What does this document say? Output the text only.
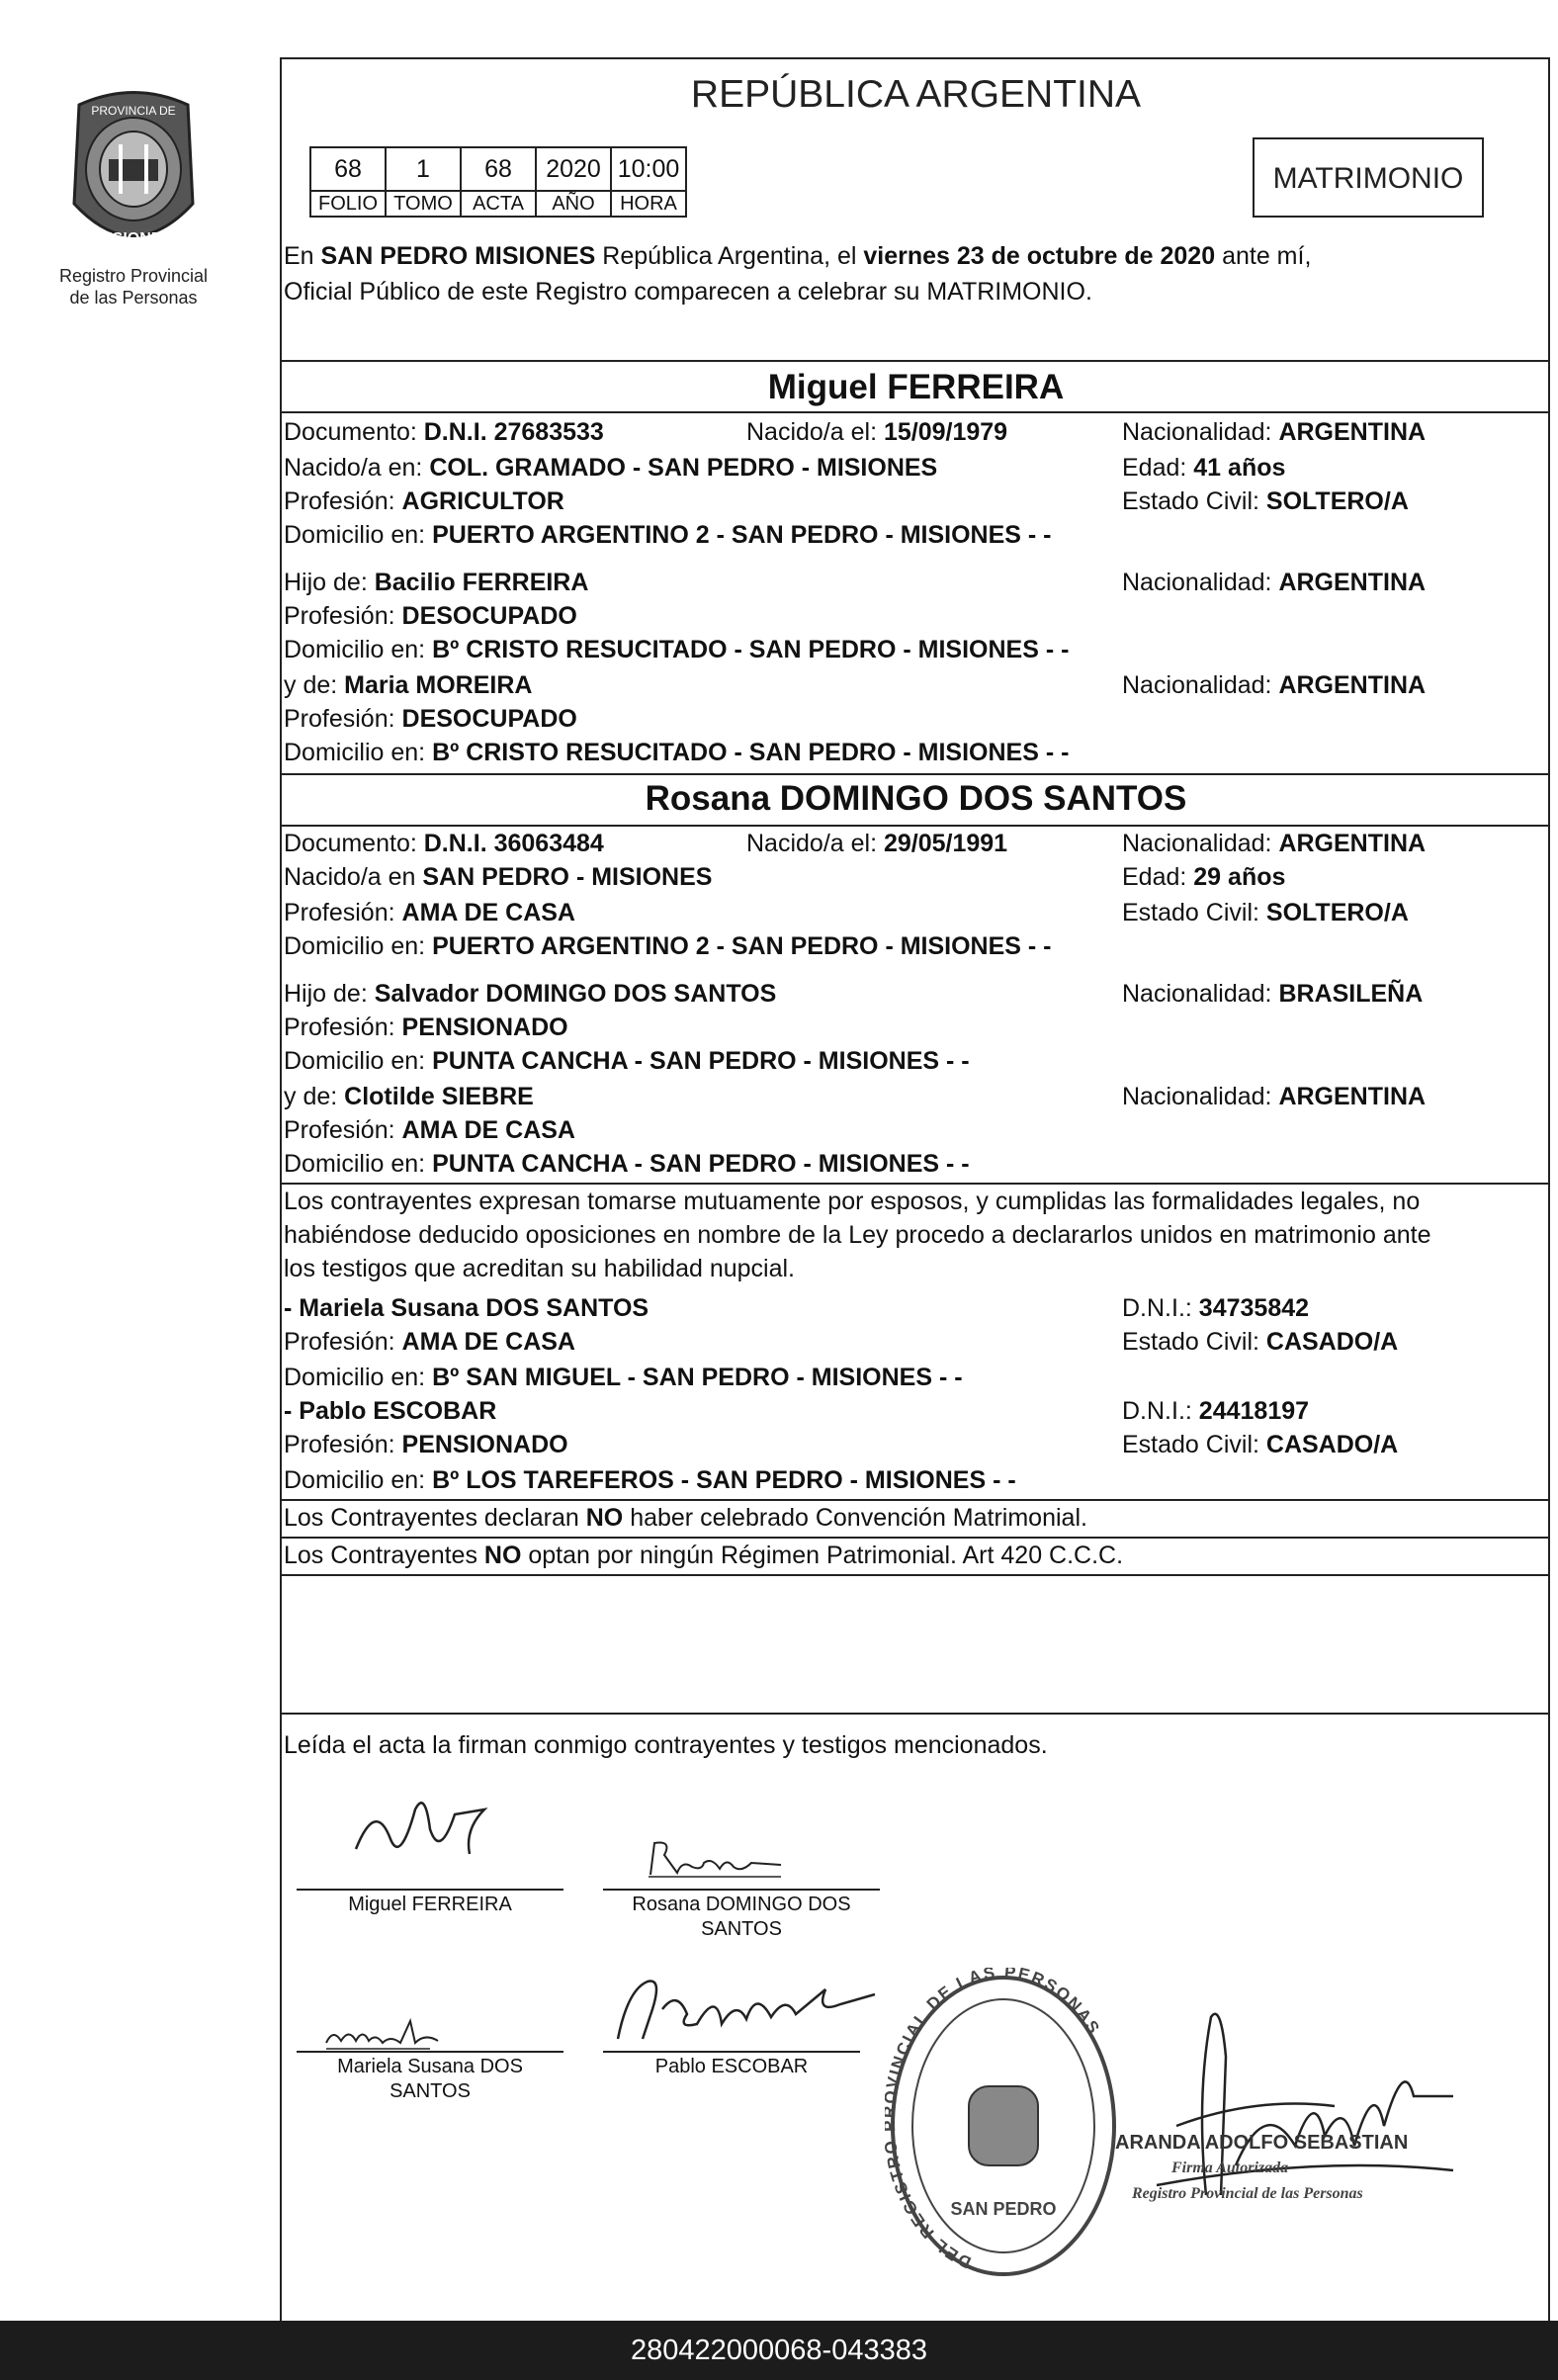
PROVINCIA DE
MISIONES
Registro Provincial
de las Personas
REPÚBLICA ARGENTINA
68	1	68	2020	10:00
FOLIO	TOMO	ACTA	AÑO	HORA
MATRIMONIO
En SAN PEDRO MISIONES República Argentina, el viernes 23 de octubre de 2020 ante mí,
Oficial Público de este Registro comparecen a celebrar su MATRIMONIO.
Miguel FERREIRA
Documento: D.N.I. 27683533	Nacido/a el: 15/09/1979	Nacionalidad: ARGENTINA
Nacido/a en: COL. GRAMADO - SAN PEDRO - MISIONES	Edad: 41 años
Profesión: AGRICULTOR	Estado Civil: SOLTERO/A
Domicilio en: PUERTO ARGENTINO 2 - SAN PEDRO - MISIONES - -
Hijo de: Bacilio FERREIRA	Nacionalidad: ARGENTINA
Profesión: DESOCUPADO
Domicilio en: Bº CRISTO RESUCITADO - SAN PEDRO - MISIONES - -
y de: Maria MOREIRA	Nacionalidad: ARGENTINA
Profesión: DESOCUPADO
Domicilio en: Bº CRISTO RESUCITADO - SAN PEDRO - MISIONES - -
Rosana DOMINGO DOS SANTOS
Documento: D.N.I. 36063484	Nacido/a el: 29/05/1991	Nacionalidad: ARGENTINA
Nacido/a en SAN PEDRO - MISIONES	Edad: 29 años
Profesión: AMA DE CASA	Estado Civil: SOLTERO/A
Domicilio en: PUERTO ARGENTINO 2 - SAN PEDRO - MISIONES - -
Hijo de: Salvador DOMINGO DOS SANTOS	Nacionalidad: BRASILEÑA
Profesión: PENSIONADO
Domicilio en: PUNTA CANCHA - SAN PEDRO - MISIONES - -
y de: Clotilde SIEBRE	Nacionalidad: ARGENTINA
Profesión: AMA DE CASA
Domicilio en: PUNTA CANCHA - SAN PEDRO - MISIONES - -
Los contrayentes expresan tomarse mutuamente por esposos, y cumplidas las formalidades legales, no
habiéndose deducido oposiciones en nombre de la Ley procedo a declararlos unidos en matrimonio ante
los testigos que acreditan su habilidad nupcial.
- Mariela Susana DOS SANTOS	D.N.I.: 34735842
Profesión: AMA DE CASA	Estado Civil: CASADO/A
Domicilio en: Bº SAN MIGUEL - SAN PEDRO - MISIONES - -
- Pablo ESCOBAR	D.N.I.: 24418197
Profesión: PENSIONADO	Estado Civil: CASADO/A
Domicilio en: Bº LOS TAREFEROS - SAN PEDRO - MISIONES - -
Los Contrayentes declaran NO haber celebrado Convención Matrimonial.
Los Contrayentes NO optan por ningún Régimen Patrimonial. Art 420 C.C.C.
Leída el acta la firman conmigo contrayentes y testigos mencionados.
Miguel FERREIRA	Rosana DOMINGO DOS
SANTOS
Mariela Susana DOS
SANTOS
Pablo ESCOBAR
DEL REGISTR VINCIAL DE LAS PERSONAS
SAN PEDRO
ARANDA ADOLFO SEBASTIAN
Firma Autorizada
Registro Provincial de las Personas
280422000068-043383
